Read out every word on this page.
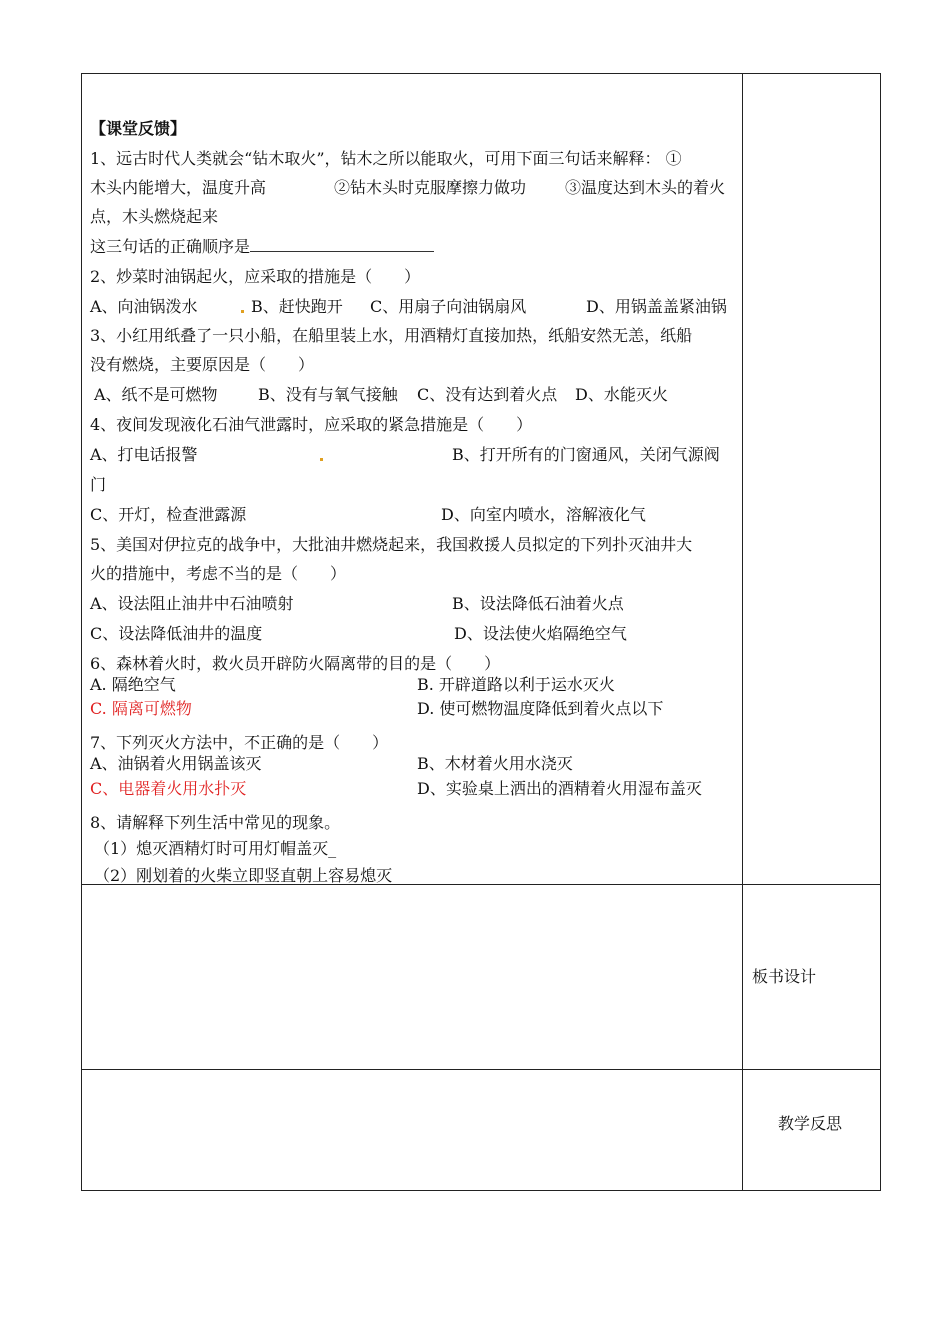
【课堂反馈】
1、远古时代人类就会“钻木取火”，钻木之所以能取火，可用下面三句话来解释： ①
木头内能增大，温度升高	②钻木头时克服摩擦力做功 ③温度达到木头的着火
点，木头燃烧起来
这三句话的正确顺序是
2、炒菜时油锅起火，应采取的措施是（　　）
A、向油锅泼水	B、赶快跑开 C、用扇子向油锅扇风	D、用锅盖盖紧油锅
3、小红用纸叠了一只小船，在船里装上水，用酒精灯直接加热，纸船安然无恙，纸船
没有燃烧，主要原因是（　　）
A、纸不是可燃物	B、没有与氧气接触 C、没有达到着火点 D、水能灭火
4、夜间发现液化石油气泄露时，应采取的紧急措施是（　　）
A、打电话报警	B、打开所有的门窗通风，关闭气源阀
门
C、开灯，检查泄露源	D、向室内喷水，溶解液化气
5、美国对伊拉克的战争中，大批油井燃烧起来，我国救援人员拟定的下列扑灭油井大
火的措施中，考虑不当的是（　　）
A、设法阻止油井中石油喷射	B、设法降低石油着火点
C、设法降低油井的温度	D、设法使火焰隔绝空气
6、森林着火时，救火员开辟防火隔离带的目的是（　　）
A. 隔绝空气	B. 开辟道路以利于运水灭火
C. 隔离可燃物	D. 使可燃物温度降低到着火点以下
7、下列灭火方法中，不正确的是（　　）
A、油锅着火用锅盖该灭	B、木材着火用水浇灭
C、电器着火用水扑灭	D、实验桌上洒出的酒精着火用湿布盖灭
8、请解释下列生活中常见的现象。
（1）熄灭酒精灯时可用灯帽盖灭_
（2）刚划着的火柴立即竖直朝上容易熄灭
板书设计
教学反思
